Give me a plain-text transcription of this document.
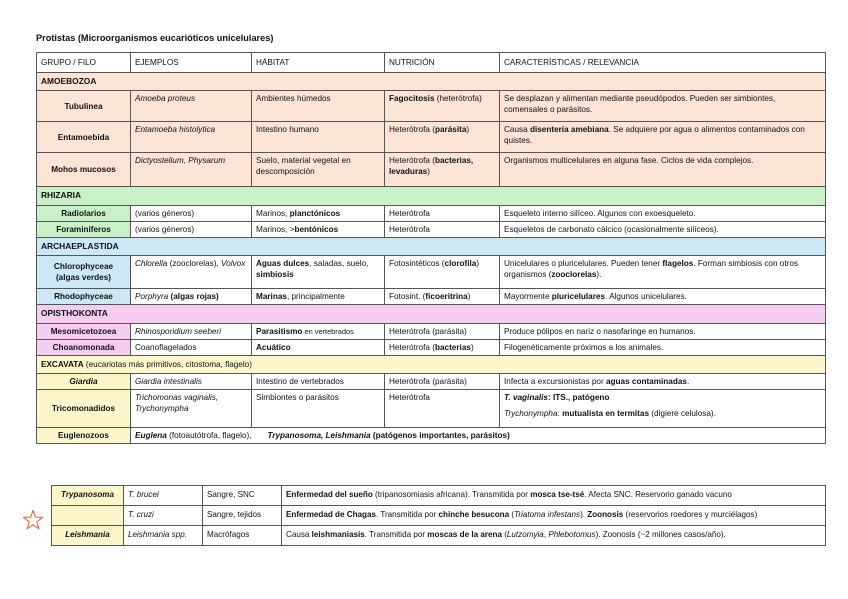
Protistas (Microorganismos eucarióticos unicelulares)
GRUPO / FILO	EJEMPLOS	HÁBITAT	NUTRICIÓN	CARACTERÍSTICAS / RELEVANCIA
AMOEBOZOA				
Tubulinea	Amoeba proteus	Ambientes húmedos	Fagocitosis (heterótrofa)	Se desplazan y alimentan mediante pseudópodos. Pueden ser simbiontes, comensales o parásitos.
Entamoebida	Entamoeba histolytica	Intestino humano	Heterótrofa (parásita)	Causa disentería amebiana. Se adquiere por agua o alimentos contaminados con quistes.
Mohos mucosos	Dictyostelium, Physarum	Suelo, material vegetal en descomposición	Heterótrofa (bacterias, levaduras)	Organismos multicelulares en alguna fase. Ciclos de vida complejos.
RHIZARIA				
Radiolarios	(varios géneros)	Marinos, planctónicos	Heterótrofa	Esqueleto interno silíceo. Algunos con exoesqueleto.
Foraminíferos	(varios géneros)	Marinos, >bentónicos	Heterótrofa	Esqueletos de carbonato cálcico (ocasionalmente silíceos).
ARCHAEPLASTIDA				
Chlorophyceae (algas verdes)	Chlorella (zooclorelas), Volvox	Aguas dulces, saladas, suelo, simbiosis	Fotosintéticos (clorofila)	Unicelulares o pluricelulares. Pueden tener flagelos. Forman simbiosis con otros organismos (zooclorelas).
Rhodophyceae	Porphyra (algas rojas)	Marinas, principalmente	Fotosint. (ficoeritrina)	Mayormente pluricelulares. Algunos unicelulares.
OPISTHOKONTA				
Mesomicetozoea	Rhinosporidium seeberi	Parasitismo en vertebrados	Heterótrofa (parásita)	Produce pólipos en nariz o nasofaringe en humanos.
Choanomonada	Coanoflagelados	Acuático	Heterótrofa (bacterias)	Filogenéticamente próximos a los animales.
EXCAVATA (eucariotas más primitivos, citostoma, flagelo)				
Giardia	Giardia intestinalis	Intestino de vertebrados	Heterótrofa (parásita)	Infecta a excursionistas por aguas contaminadas.
Tricomonadidos	Trichomonas vaginalis, Trychonympha	Simbiontes o parásitos	Heterótrofa	T. vaginalis: ITS., patógeno
Trychonympha: mutualista en termitas (digiere celulosa).

Euglenozoos	Euglena (fotoautótrofa, flagelo), Trypanosoma, Leishmania (patógenos importantes, parásitos)			
Trypanosoma	T. brucei	Sangre, SNC	Enfermedad del sueño (tripanosomiasis africana). Transmitida por mosca tse-tsé. Afecta SNC. Reservorio ganado vacuno
	T. cruzi	Sangre, tejidos	Enfermedad de Chagas. Transmitida por chinche besucona (Triatoma infestans). Zoonosis (reservorios roedores y murciélagos)
Leishmania	Leishmania spp.	Macrófagos	Causa leishmaniasis. Transmitida por moscas de la arena (Lutzomyia, Phlebotomus). Zoonosis (~2 millones casos/año).
